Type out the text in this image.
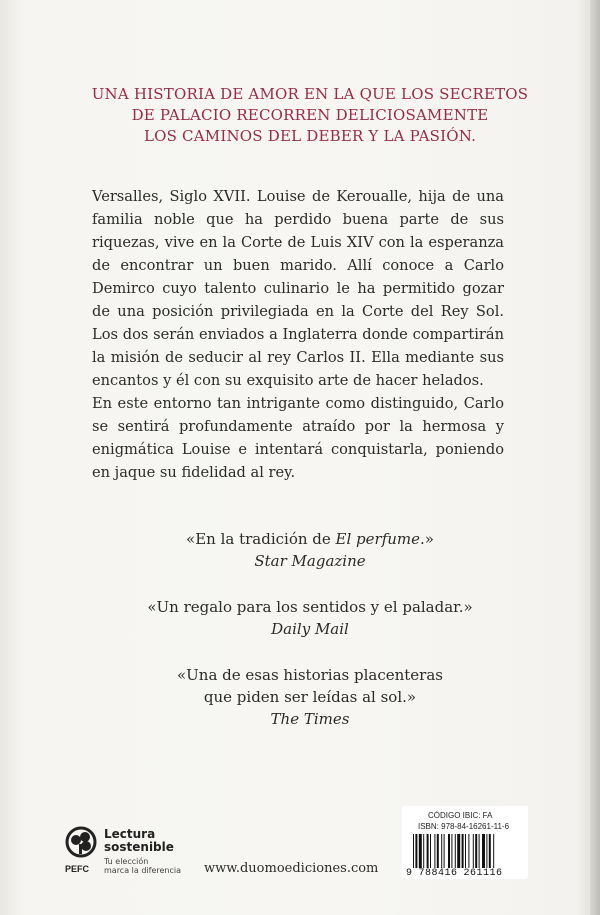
UNA HISTORIA DE AMOR EN LA QUE LOS SECRETOS
DE PALACIO RECORREN DELICIOSAMENTE
LOS CAMINOS DEL DEBER Y LA PASIÓN.

Versalles, Siglo XVII. Louise de Keroualle, hija de una familia noble que ha perdido buena parte de sus riquezas, vive en la Corte de Luis XIV con la esperanza de encontrar un buen marido. Allí conoce a Carlo Demirco cuyo talento culinario le ha permitido gozar de una posición privilegiada en la Corte del Rey Sol. Los dos serán enviados a Inglaterra donde compartirán la misión de seducir al rey Carlos II. Ella mediante sus encantos y él con su exquisito arte de hacer helados.

En este entorno tan intrigante como distinguido, Carlo se sentirá profundamente atraído por la hermosa y enigmática Louise e intentará conquistarla, poniendo en jaque su fidelidad al rey.

«En la tradición de El perfume.»
Star Magazine
«Un regalo para los sentidos y el paladar.»
Daily Mail
«Una de esas historias placenteras
que piden ser leídas al sol.»
The Times
PEFC
Lectura
sostenible
Tu elección
marca la diferencia	www.duomoediciones.com
CÓDIGO IBIC: FA
ISBN: 978-84-16261-11-6
9 788416 261116
